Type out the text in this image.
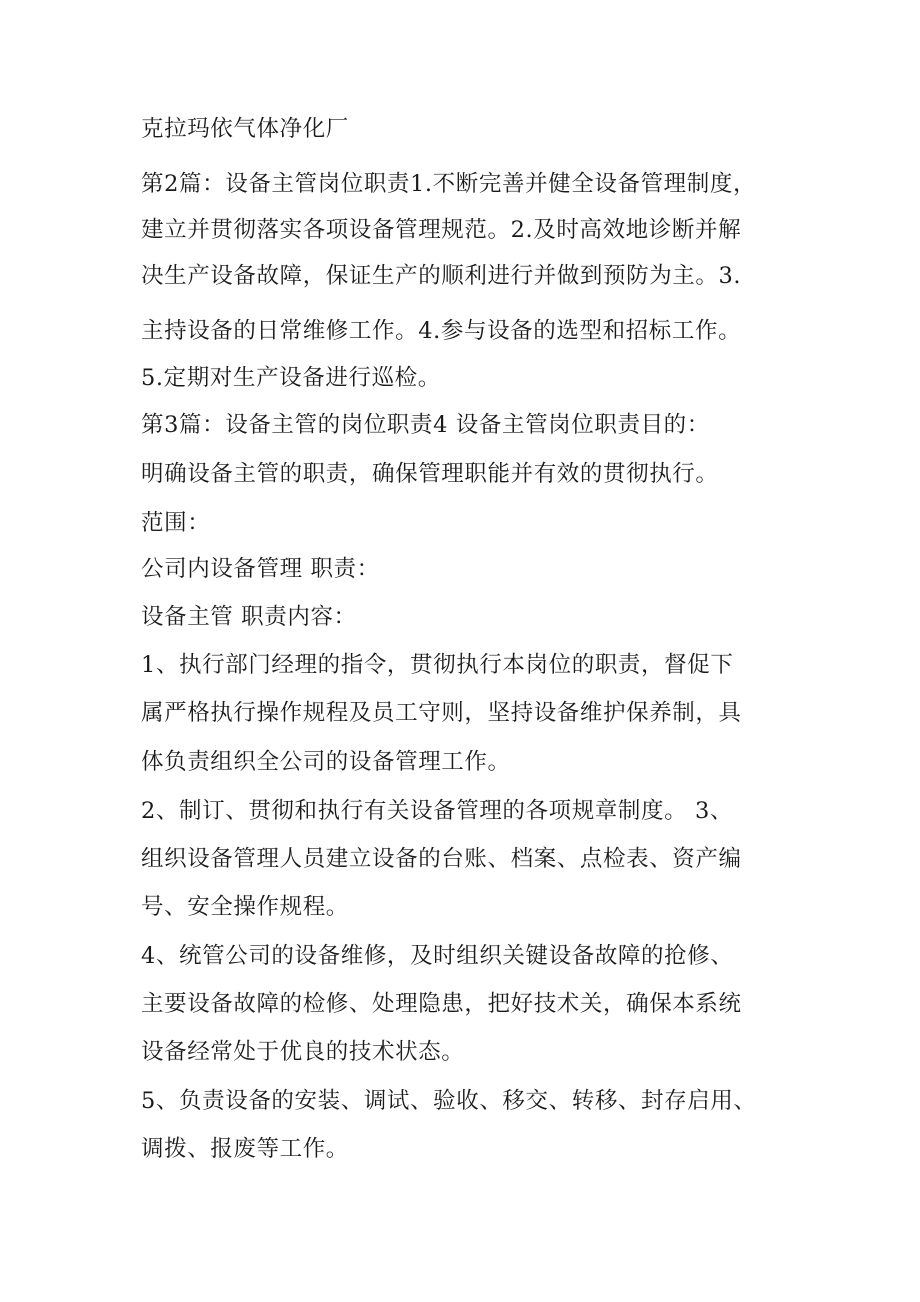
克拉玛依气体净化厂

第2篇：设备主管岗位职责1.不断完善并健全设备管理制度，

建立并贯彻落实各项设备管理规范。2.及时高效地诊断并解

决生产设备故障，保证生产的顺利进行并做到预防为主。3.

主持设备的日常维修工作。4.参与设备的选型和招标工作。

5.定期对生产设备进行巡检。

第3篇：设备主管的岗位职责4 设备主管岗位职责目的：

明确设备主管的职责，确保管理职能并有效的贯彻执行。

范围：

公司内设备管理 职责：

设备主管 职责内容：

1、执行部门经理的指令，贯彻执行本岗位的职责，督促下

属严格执行操作规程及员工守则，坚持设备维护保养制，具

体负责组织全公司的设备管理工作。

2、制订、贯彻和执行有关设备管理的各项规章制度。 3、

组织设备管理人员建立设备的台账、档案、点检表、资产编

号、安全操作规程。

4、统管公司的设备维修，及时组织关键设备故障的抢修、

主要设备故障的检修、处理隐患，把好技术关，确保本系统

设备经常处于优良的技术状态。

5、负责设备的安装、调试、验收、移交、转移、封存启用、

调拨、报废等工作。
